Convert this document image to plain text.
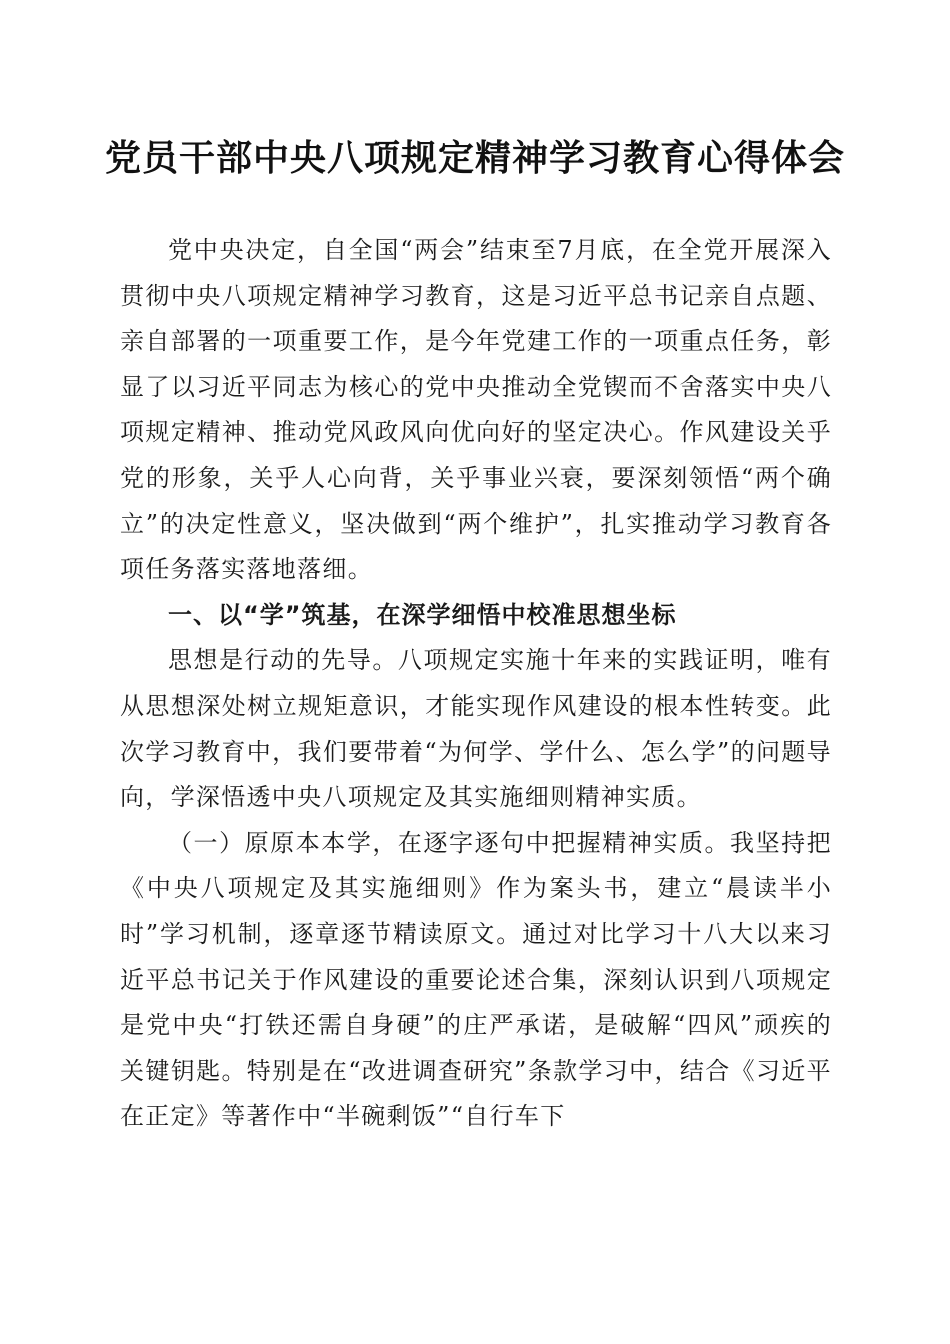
党员干部中央八项规定精神学习教育心得体会

党中央决定，自全国“两会”结束至7月底，在全党开展深入贯彻中央八项规定精神学习教育，这是习近平总书记亲自点题、亲自部署的一项重要工作，是今年党建工作的一项重点任务，彰显了以习近平同志为核心的党中央推动全党锲而不舍落实中央八项规定精神、推动党风政风向优向好的坚定决心。作风建设关乎党的形象，关乎人心向背，关乎事业兴衰，要深刻领悟“两个确立”的决定性意义，坚决做到“两个维护”，扎实推动学习教育各项任务落实落地落细。

一、以“学”筑基，在深学细悟中校准思想坐标

思想是行动的先导。八项规定实施十年来的实践证明，唯有从思想深处树立规矩意识，才能实现作风建设的根本性转变。此次学习教育中，我们要带着“为何学、学什么、怎么学”的问题导向，学深悟透中央八项规定及其实施细则精神实质。

（一）原原本本学，在逐字逐句中把握精神实质。我坚持把《中央八项规定及其实施细则》作为案头书，建立“晨读半小时”学习机制，逐章逐节精读原文。通过对比学习十八大以来习近平总书记关于作风建设的重要论述合集，深刻认识到八项规定是党中央“打铁还需自身硬”的庄严承诺，是破解“四风”顽疾的关键钥匙。特别是在“改进调查研究”条款学习中，结合《习近平在正定》等著作中“半碗剩饭”“自行车下
